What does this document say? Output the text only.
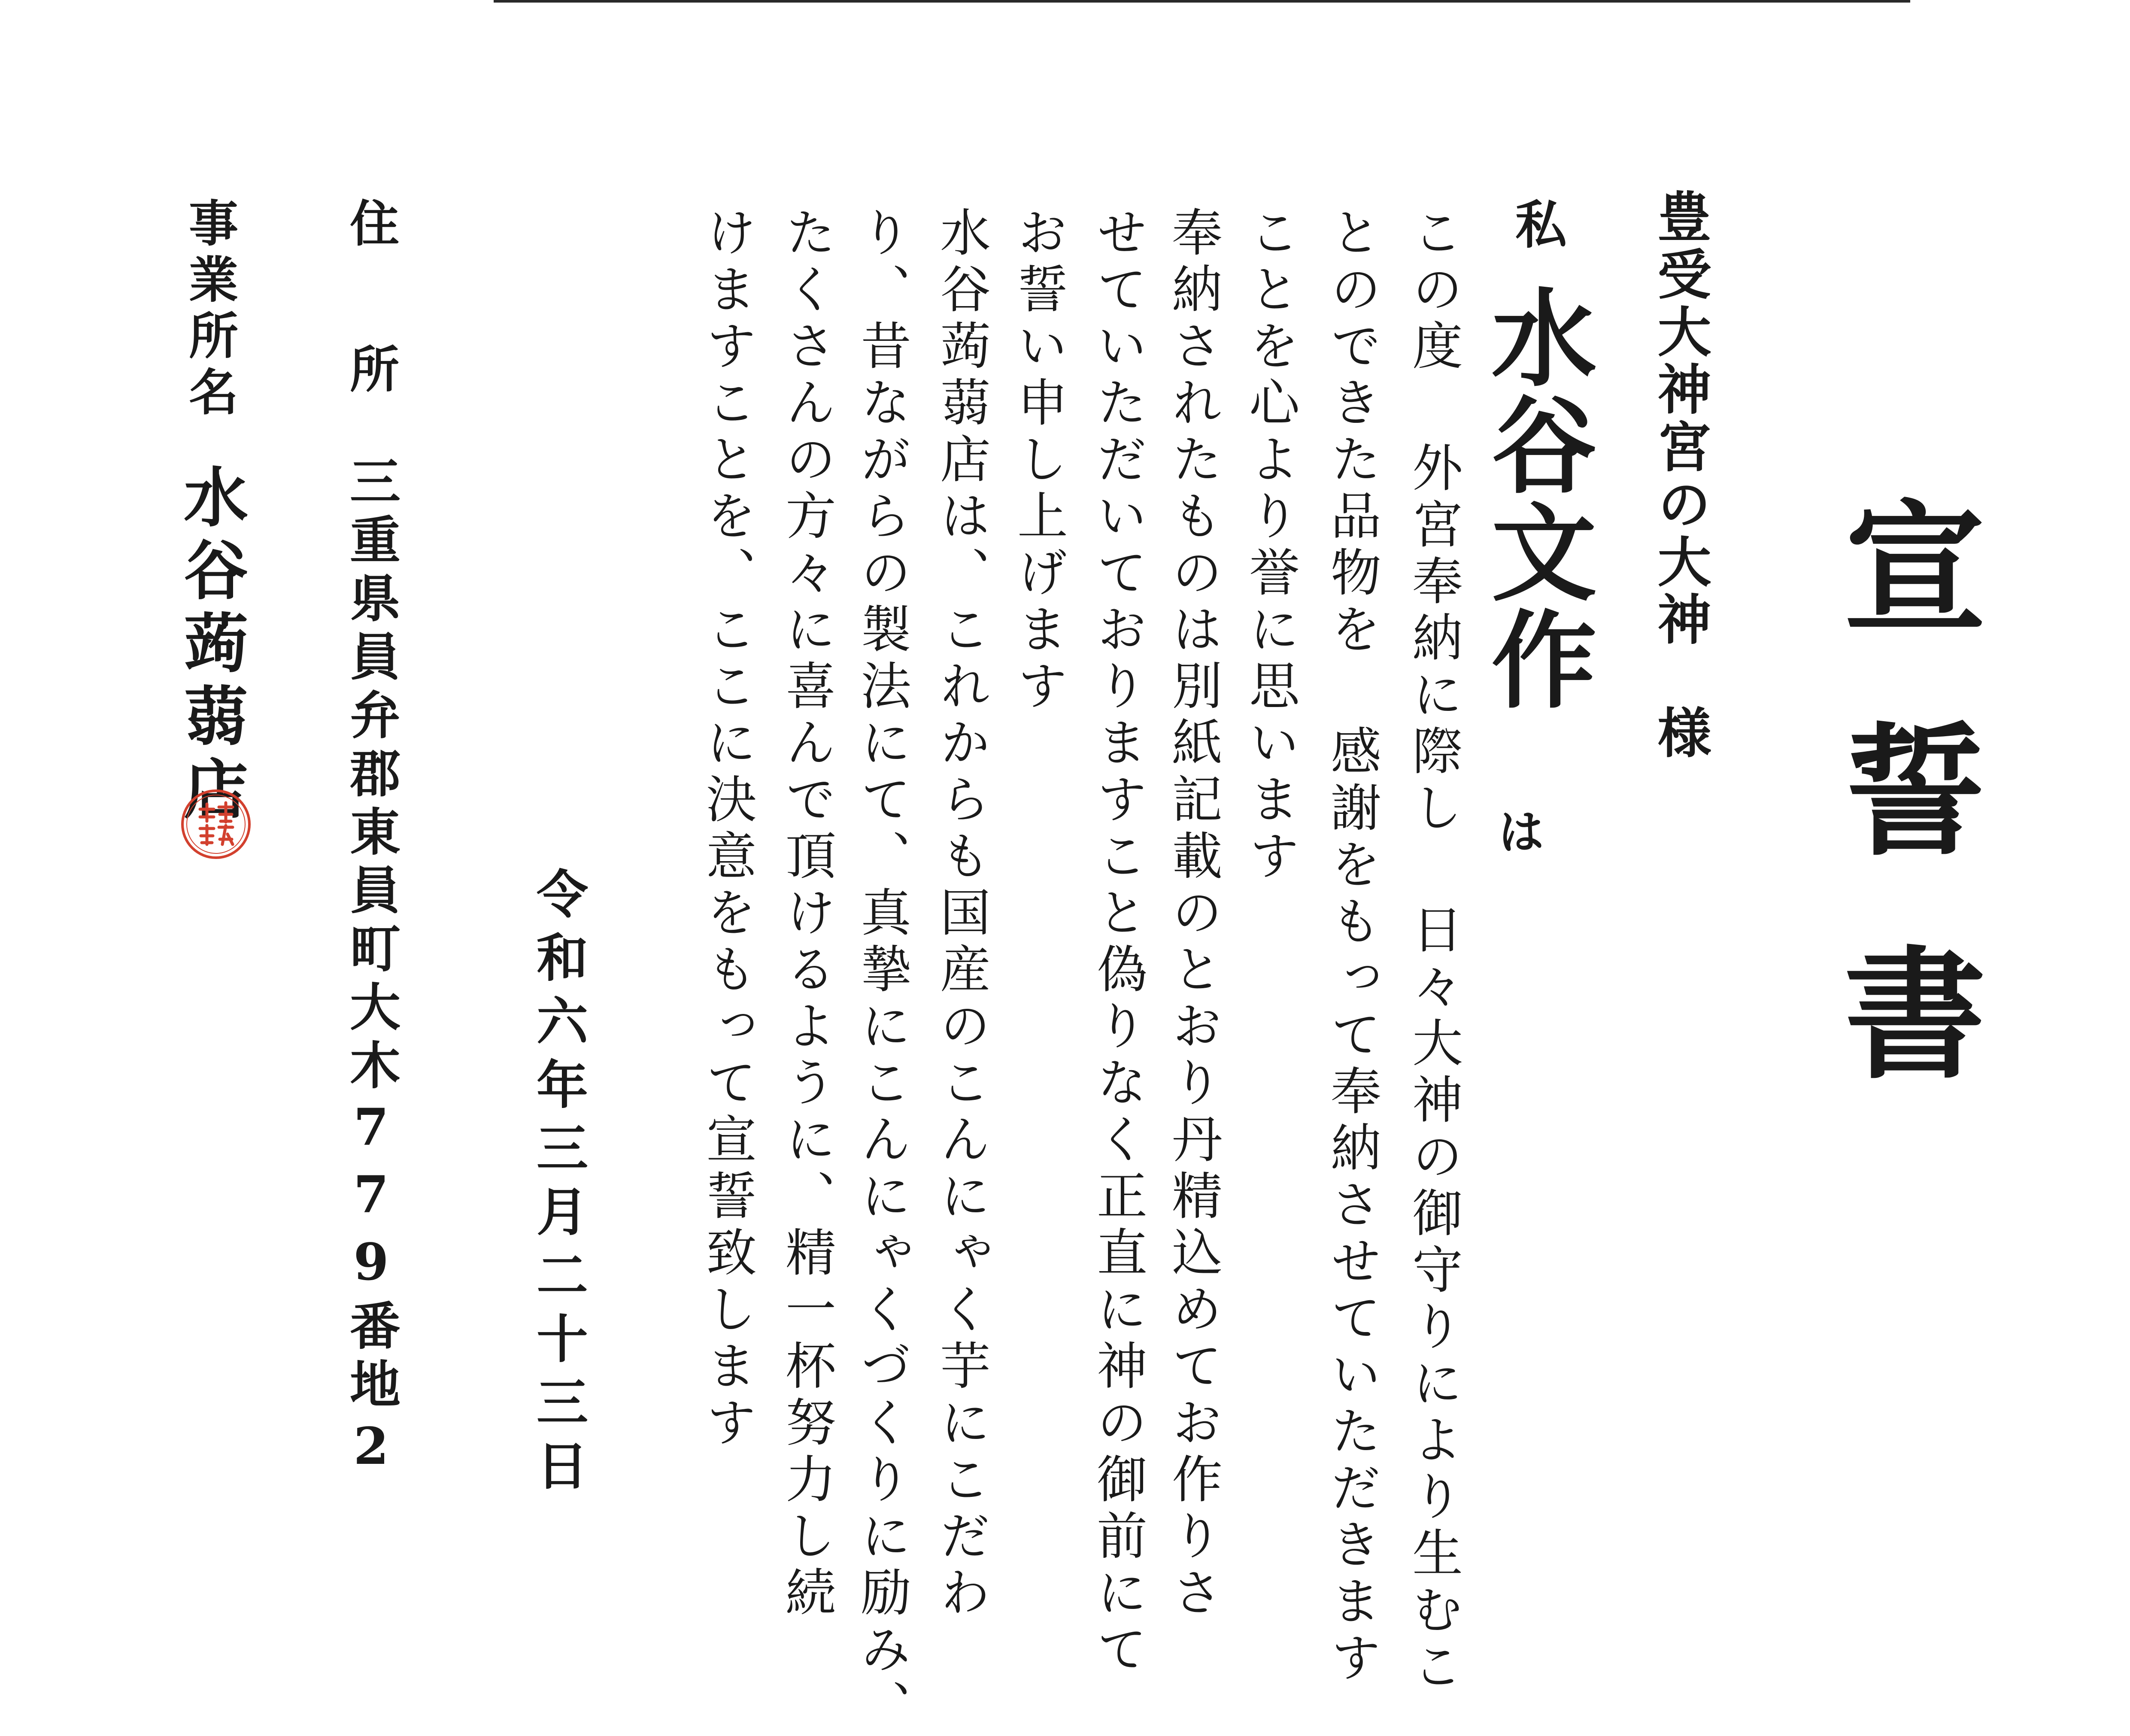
宣誓書
豊受大神宮の大神様
私
水谷文作
は
この度 外宮奉納に際し 日々大神の御守りにより生むこ
とのできた品物を 感謝をもって奉納させていただきます
ことを心より誉に思います
奉納されたものは別紙記載のとおり丹精込めてお作りさ
せていただいておりますこと偽りなく正直に神の御前にて
お誓い申し上げます
水谷蒟蒻店は、これからも国産のこんにゃく芋にこだわ
り、昔ながらの製法にて、真摯にこんにゃくづくりに励み、
たくさんの方々に喜んで頂けるように、精一杯努力し続
けますことを、ここに決意をもって宣誓致します
令和六年三月二十三日
住
所
三重県員弁郡東員町大木779番地2
事業所名
水谷蒟蒻店
